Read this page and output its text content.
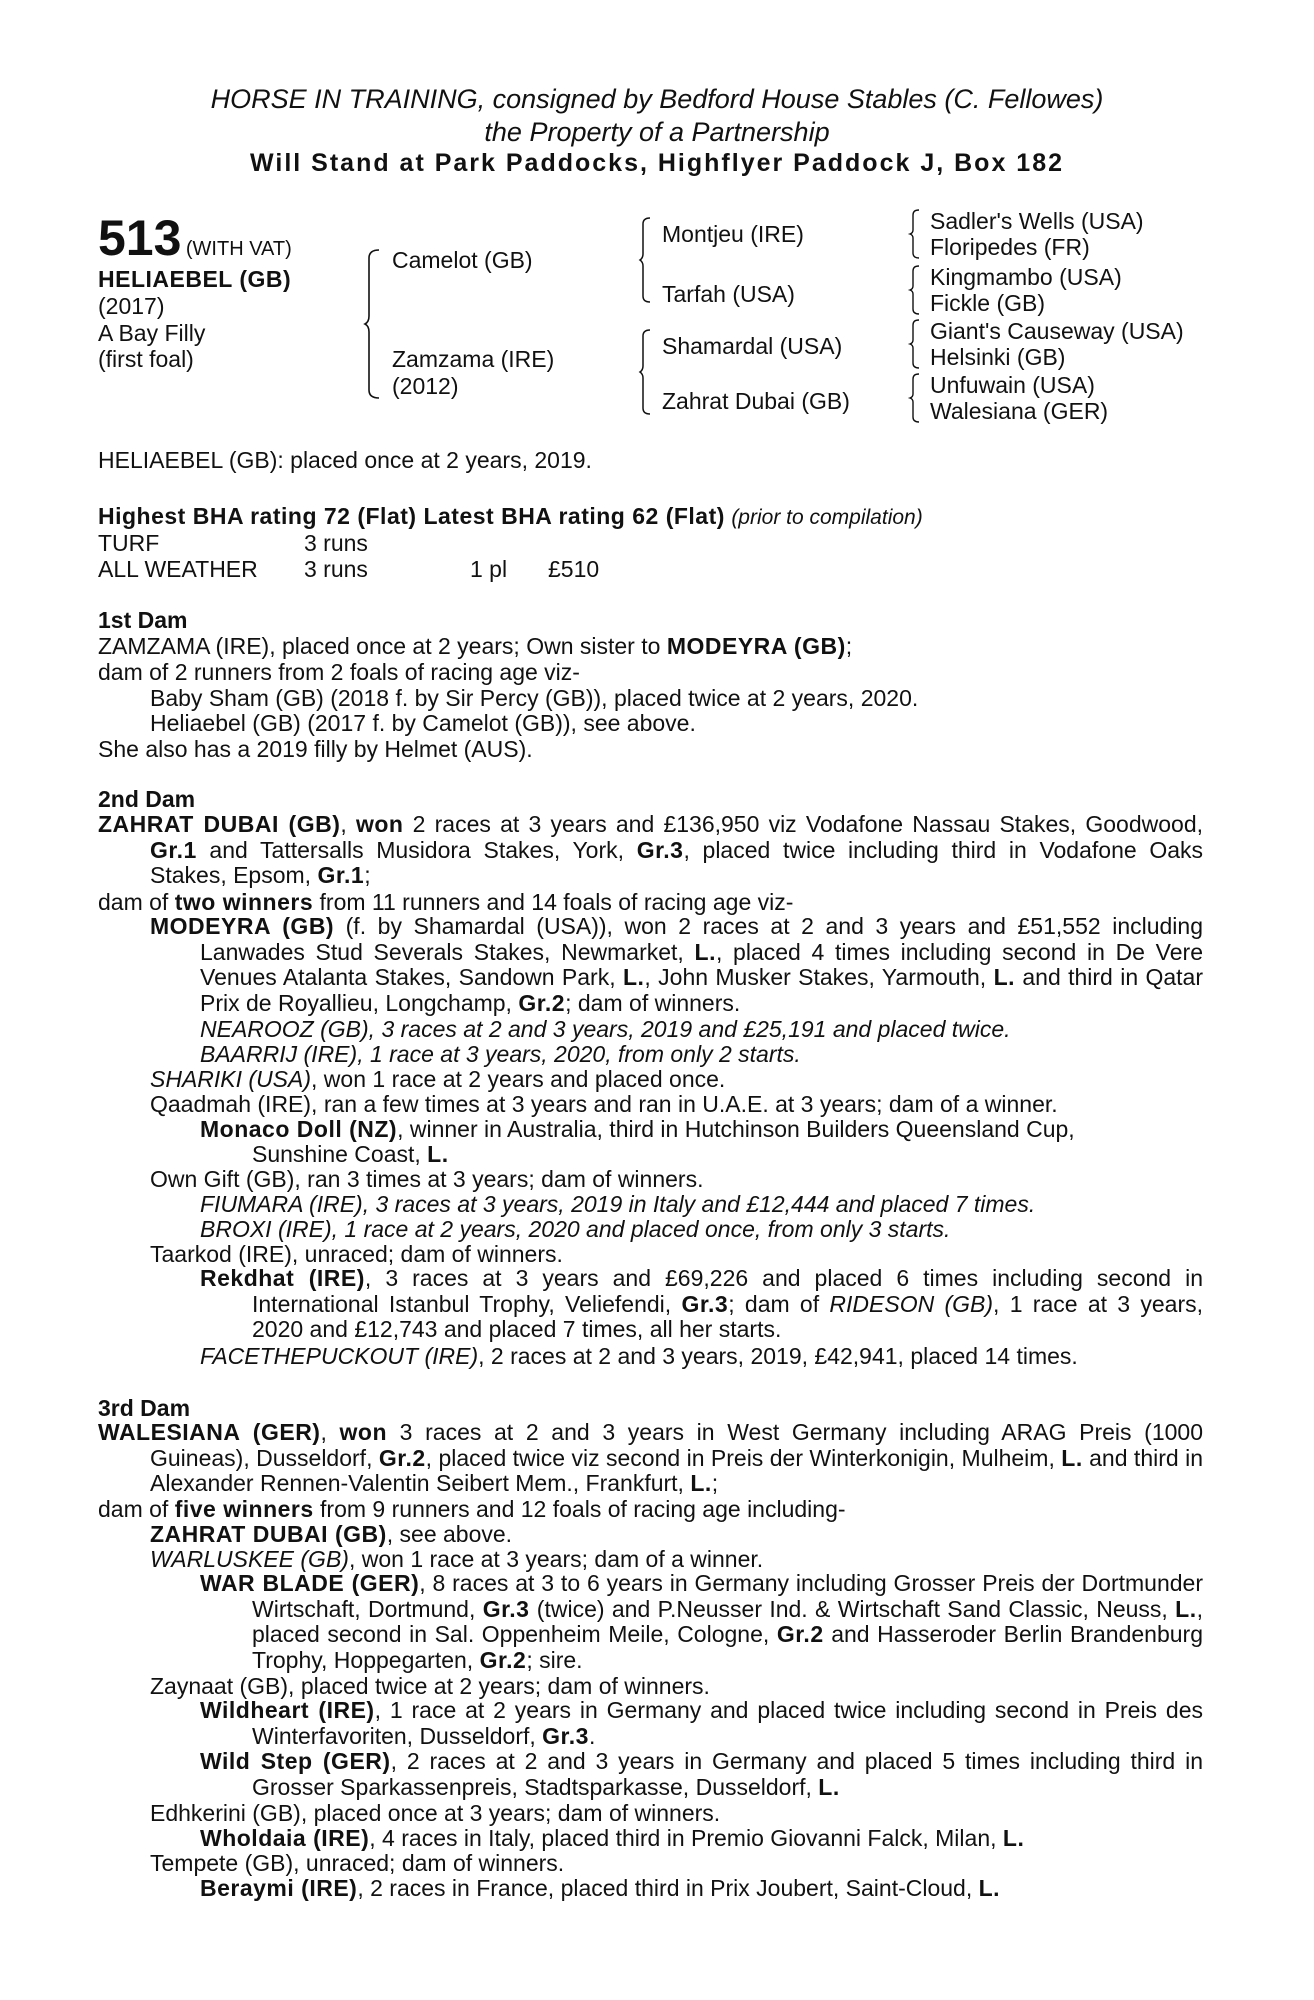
HORSE IN TRAINING, consigned by Bedford House Stables (C. Fellowes)
the Property of a Partnership
Will Stand at Park Paddocks, Highflyer Paddock J, Box 182
513 (WITH VAT)
HELIAEBEL (GB)
(2017)
A Bay Filly
(first foal)
Camelot (GB)
Zamzama (IRE)
(2012)
Montjeu (IRE)
Tarfah (USA)
Shamardal (USA)
Zahrat Dubai (GB)
Sadler's Wells (USA)
Floripedes (FR)
Kingmambo (USA)
Fickle (GB)
Giant's Causeway (USA)
Helsinki (GB)
Unfuwain (USA)
Walesiana (GER)
HELIAEBEL (GB): placed once at 2 years, 2019.
Highest BHA rating 72 (Flat) Latest BHA rating 62 (Flat) (prior to compilation)
TURF	3 runs
ALL WEATHER 3 runs	1 pl £510
1st Dam
ZAMZAMA (IRE), placed once at 2 years; Own sister to MODEYRA (GB);
dam of 2 runners from 2 foals of racing age viz-
Baby Sham (GB) (2018 f. by Sir Percy (GB)), placed twice at 2 years, 2020.
Heliaebel (GB) (2017 f. by Camelot (GB)), see above.
She also has a 2019 filly by Helmet (AUS).
2nd Dam
ZAHRAT DUBAI (GB), won 2 races at 3 years and £136,950 viz Vodafone Nassau Stakes, Goodwood, Gr.1 and Tattersalls Musidora Stakes, York, Gr.3, placed twice including third in Vodafone Oaks Stakes, Epsom, Gr.1;
dam of two winners from 11 runners and 14 foals of racing age viz-
MODEYRA (GB) (f. by Shamardal (USA)), won 2 races at 2 and 3 years and £51,552 including Lanwades Stud Severals Stakes, Newmarket, L., placed 4 times including second in De Vere Venues Atalanta Stakes, Sandown Park, L., John Musker Stakes, Yarmouth, L. and third in Qatar Prix de Royallieu, Longchamp, Gr.2; dam of winners.
NEAROOZ (GB), 3 races at 2 and 3 years, 2019 and £25,191 and placed twice.
BAARRIJ (IRE), 1 race at 3 years, 2020, from only 2 starts.
SHARIKI (USA), won 1 race at 2 years and placed once.
Qaadmah (IRE), ran a few times at 3 years and ran in U.A.E. at 3 years; dam of a winner.
Monaco Doll (NZ), winner in Australia, third in Hutchinson Builders Queensland Cup,
Sunshine Coast, L.
Own Gift (GB), ran 3 times at 3 years; dam of winners.
FIUMARA (IRE), 3 races at 3 years, 2019 in Italy and £12,444 and placed 7 times.
BROXI (IRE), 1 race at 2 years, 2020 and placed once, from only 3 starts.
Taarkod (IRE), unraced; dam of winners.
Rekdhat (IRE), 3 races at 3 years and £69,226 and placed 6 times including second in International Istanbul Trophy, Veliefendi, Gr.3; dam of RIDESON (GB), 1 race at 3 years, 2020 and £12,743 and placed 7 times, all her starts.
FACETHEPUCKOUT (IRE), 2 races at 2 and 3 years, 2019, £42,941, placed 14 times.
3rd Dam
WALESIANA (GER), won 3 races at 2 and 3 years in West Germany including ARAG Preis (1000 Guineas), Dusseldorf, Gr.2, placed twice viz second in Preis der Winterkonigin, Mulheim, L. and third in Alexander Rennen-Valentin Seibert Mem., Frankfurt, L.;
dam of five winners from 9 runners and 12 foals of racing age including-
ZAHRAT DUBAI (GB), see above.
WARLUSKEE (GB), won 1 race at 3 years; dam of a winner.
WAR BLADE (GER), 8 races at 3 to 6 years in Germany including Grosser Preis der Dortmunder Wirtschaft, Dortmund, Gr.3 (twice) and P.Neusser Ind. & Wirtschaft Sand Classic, Neuss, L., placed second in Sal. Oppenheim Meile, Cologne, Gr.2 and Hasseroder Berlin Brandenburg Trophy, Hoppegarten, Gr.2; sire.
Zaynaat (GB), placed twice at 2 years; dam of winners.
Wildheart (IRE), 1 race at 2 years in Germany and placed twice including second in Preis des Winterfavoriten, Dusseldorf, Gr.3.
Wild Step (GER), 2 races at 2 and 3 years in Germany and placed 5 times including third in Grosser Sparkassenpreis, Stadtsparkasse, Dusseldorf, L.
Edhkerini (GB), placed once at 3 years; dam of winners.
Wholdaia (IRE), 4 races in Italy, placed third in Premio Giovanni Falck, Milan, L.
Tempete (GB), unraced; dam of winners.
Beraymi (IRE), 2 races in France, placed third in Prix Joubert, Saint-Cloud, L.
